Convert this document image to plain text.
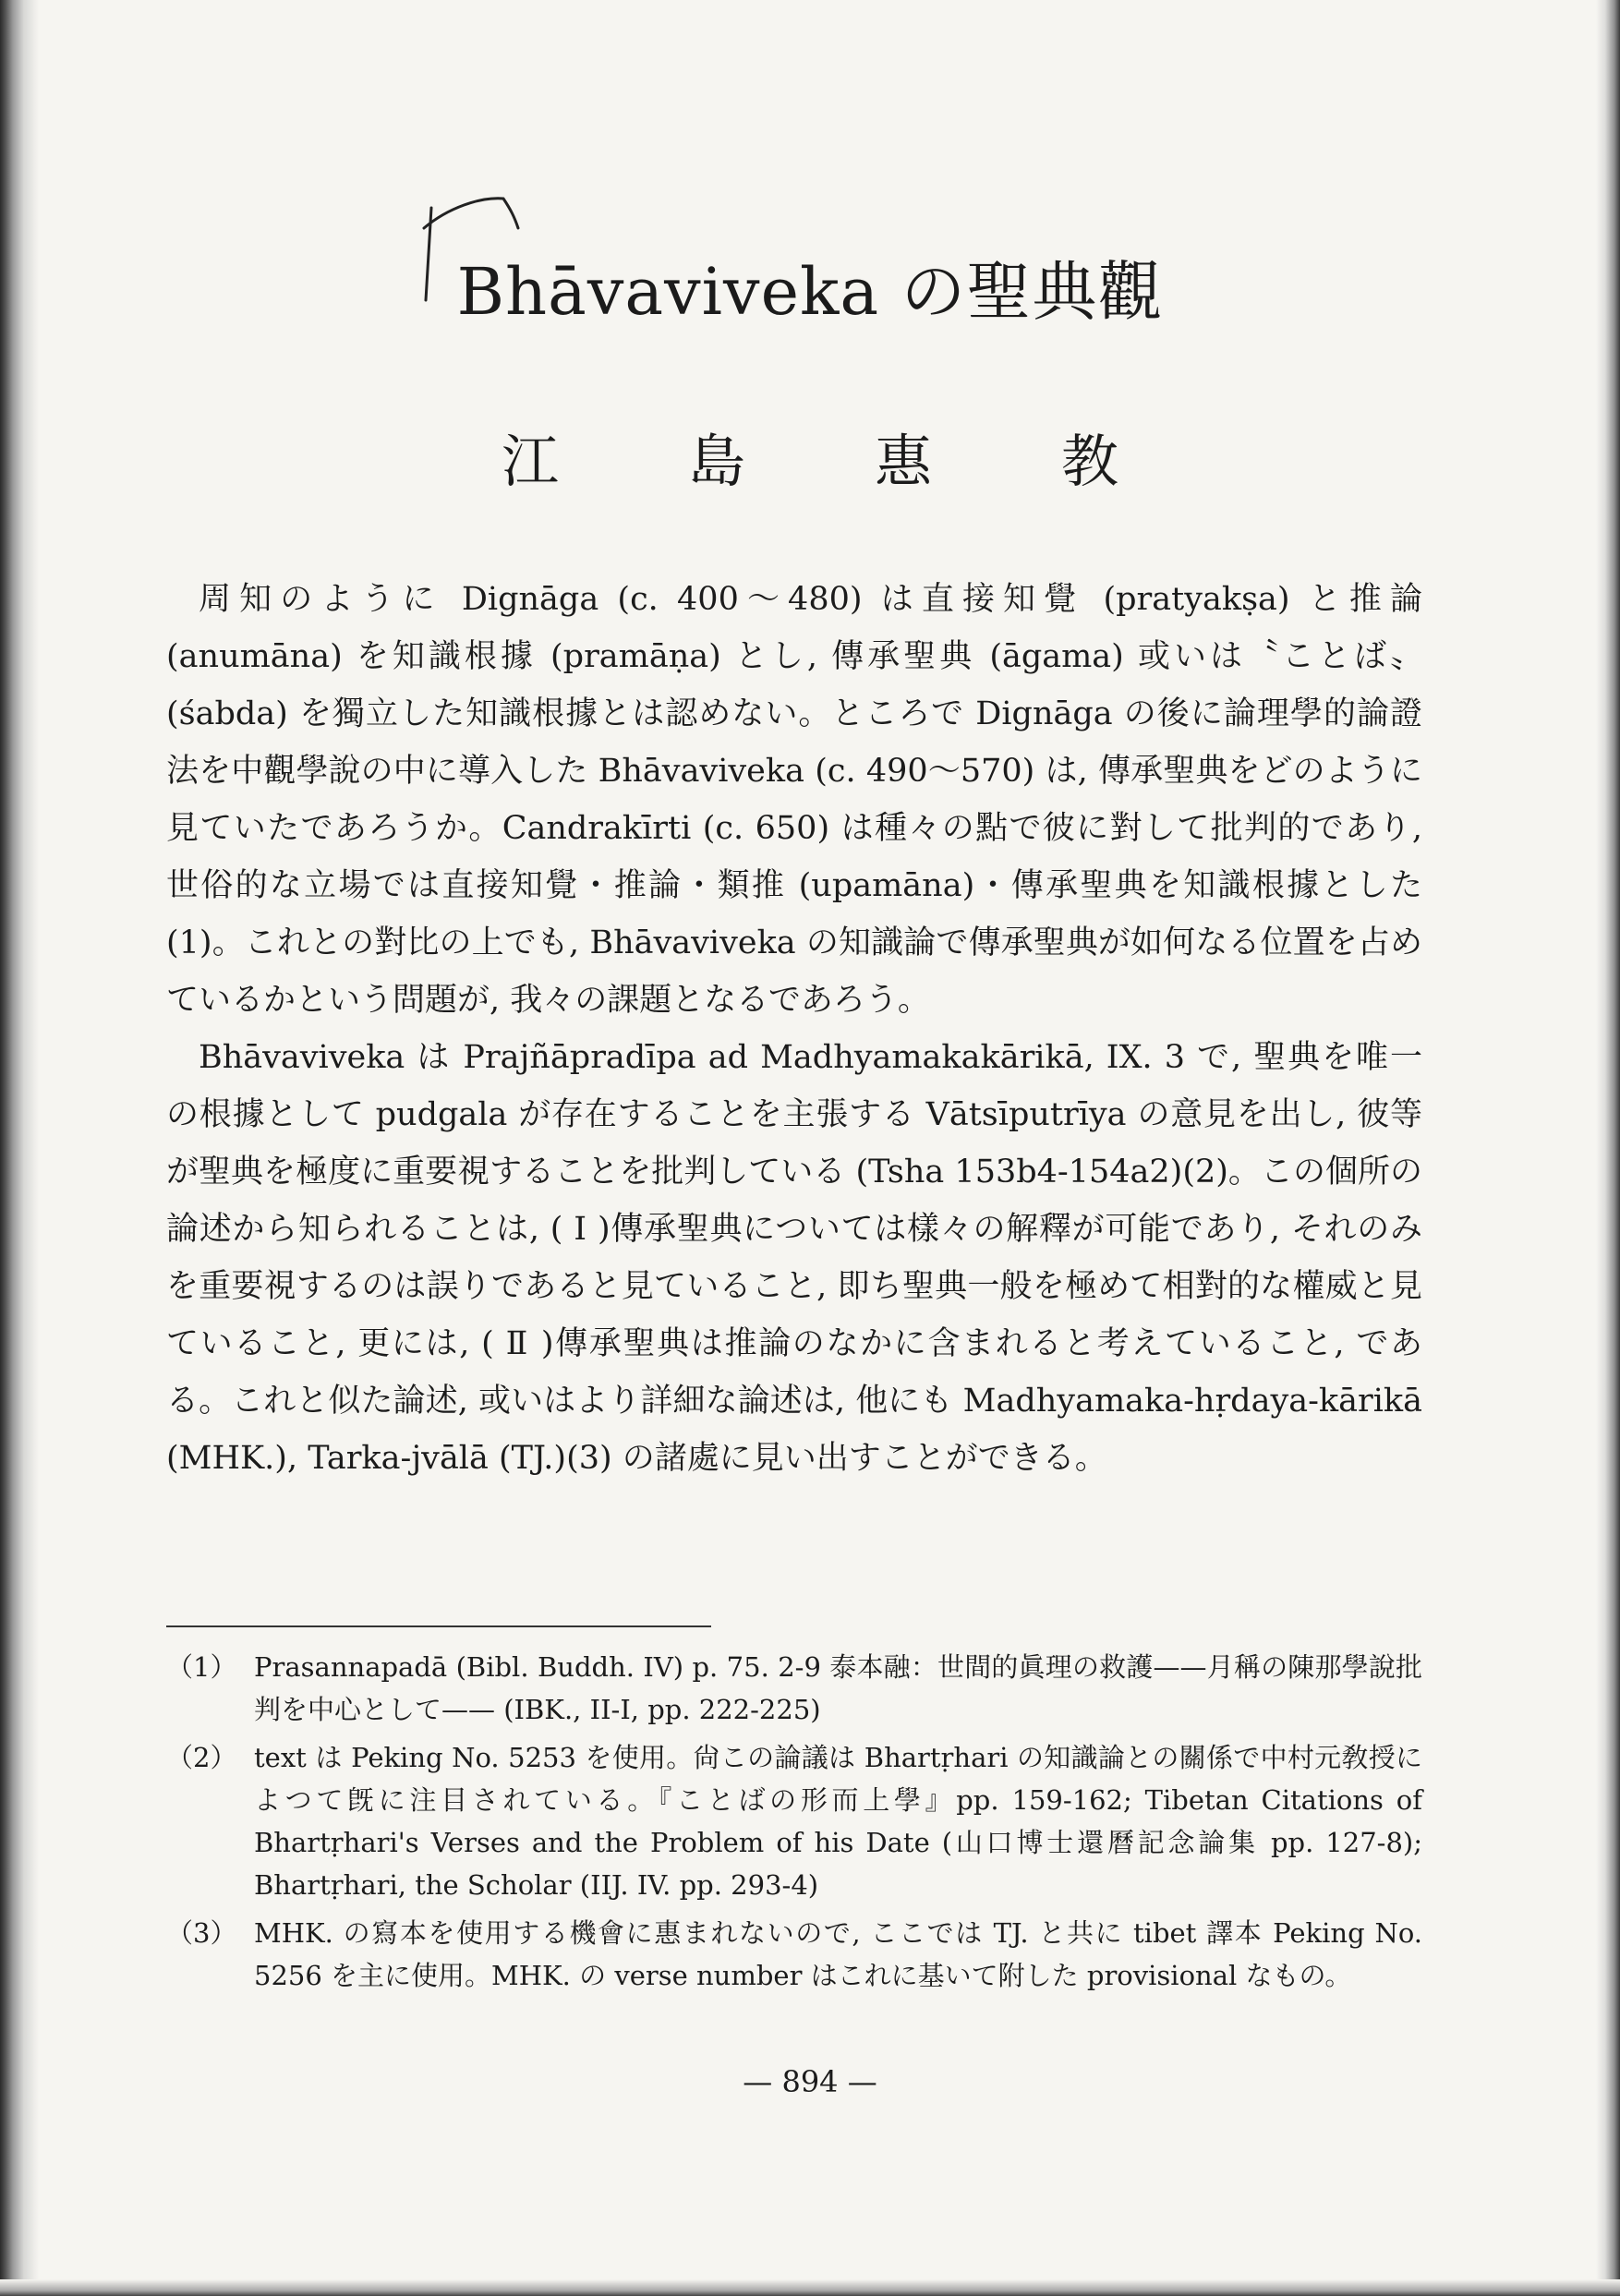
Bhāvaviveka の聖典觀
江島惠教

周知のように Dignāga (c. 400～480) は直接知覺 (pratyakṣa) と推論 (anumāna) を知識根據 (pramāṇa) とし, 傳承聖典 (āgama) 或いは〝ことば〟(śabda) を獨立した知識根據とは認めない。ところで Dignāga の後に論理學的論證法を中觀學說の中に導入した Bhāvaviveka (c. 490～570) は, 傳承聖典をどのように見ていたであろうか。Candrakīrti (c. 650) は種々の點で彼に對して批判的であり, 世俗的な立場では直接知覺・推論・類推 (upamāna)・傳承聖典を知識根據とした(1)。これとの對比の上でも, Bhāvaviveka の知識論で傳承聖典が如何なる位置を占めているかという問題が, 我々の課題となるであろう。

Bhāvaviveka は Prajñāpradīpa ad Madhyamakakārikā, IX. 3 で, 聖典を唯一の根據として pudgala が存在することを主張する Vātsīputrīya の意見を出し, 彼等が聖典を極度に重要視することを批判している (Tsha 153b4-154a2)(2)。この個所の論述から知られることは, ( I )傳承聖典については樣々の解釋が可能であり, それのみを重要視するのは誤りであると見ていること, 即ち聖典一般を極めて相對的な權威と見ていること, 更には, ( Ⅱ )傳承聖典は推論のなかに含まれると考えていること, である。これと似た論述, 或いはより詳細な論述は, 他にも Madhyamaka-hṛdaya-kārikā (MHK.), Tarka-jvālā (TJ.)(3) の諸處に見い出すことができる。

（1） Prasannapadā (Bibl. Buddh. IV) p. 75. 2-9 泰本融：世間的眞理の救護——月稱の陳那學說批判を中心として—— (IBK., II-I, pp. 222-225)
（2） text は Peking No. 5253 を使用。尙この論議は Bhartṛhari の知識論との關係で中村元敎授によつて旣に注目されている。『ことばの形而上學』pp. 159-162; Tibetan Citations of Bhartṛhari's Verses and the Problem of his Date (山口博士還曆記念論集 pp. 127-8); Bhartṛhari, the Scholar (IIJ. IV. pp. 293-4)
（3） MHK. の寫本を使用する機會に惠まれないので, ここでは TJ. と共に tibet 譯本 Peking No. 5256 を主に使用。MHK. の verse number はこれに基いて附した provisional なもの。
— 894 —
